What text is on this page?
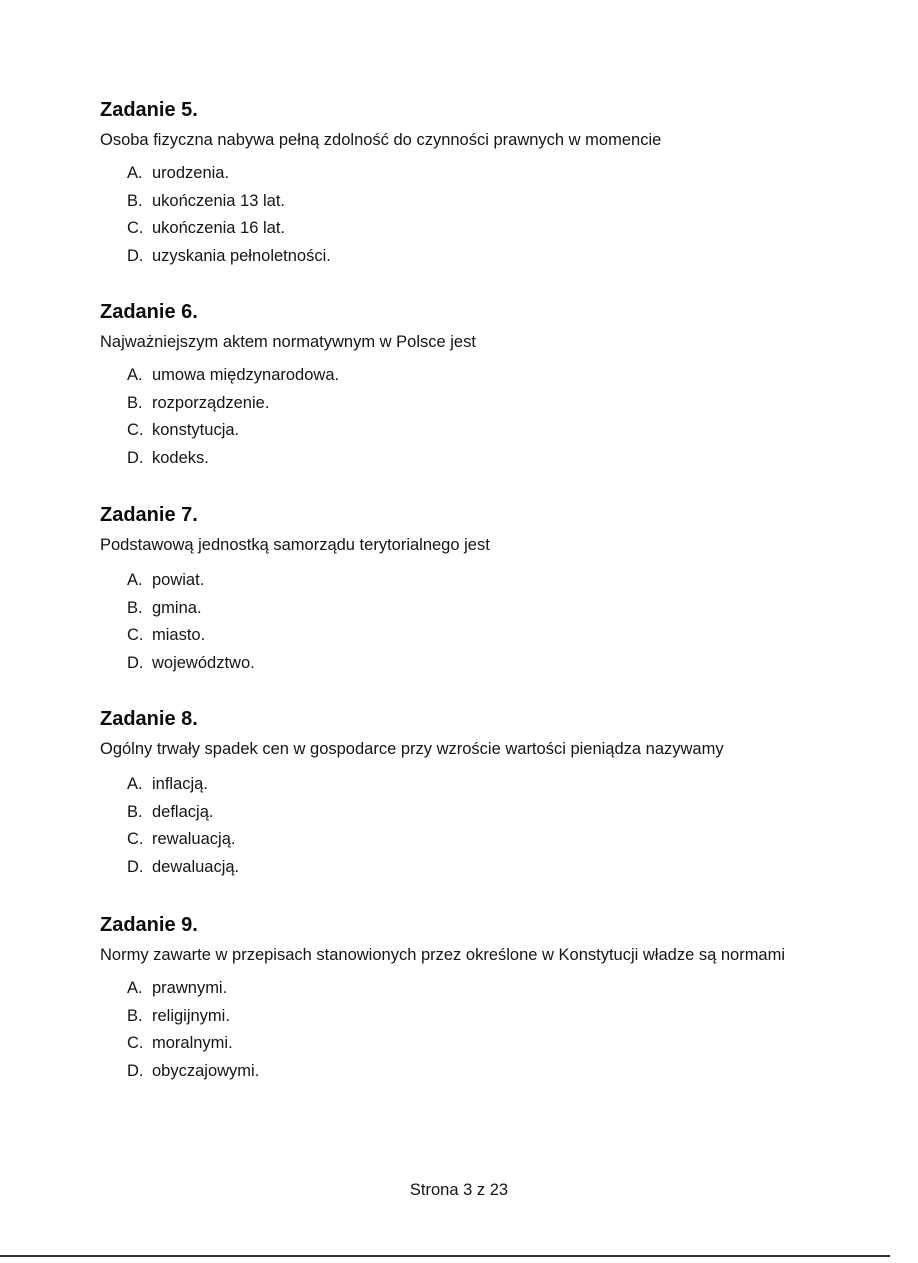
Zadanie 5.

Osoba fizyczna nabywa pełną zdolność do czynności prawnych w momencie

A. urodzenia.
B. ukończenia 13 lat.
C. ukończenia 16 lat.
D. uzyskania pełnoletności.
Zadanie 6.

Najważniejszym aktem normatywnym w Polsce jest

A. umowa międzynarodowa.
B. rozporządzenie.
C. konstytucja.
D. kodeks.
Zadanie 7.

Podstawową jednostką samorządu terytorialnego jest

A. powiat.
B. gmina.
C. miasto.
D. województwo.
Zadanie 8.

Ogólny trwały spadek cen w gospodarce przy wzroście wartości pieniądza nazywamy

A. inflacją.
B. deflacją.
C. rewaluacją.
D. dewaluacją.
Zadanie 9.

Normy zawarte w przepisach stanowionych przez określone w Konstytucji władze są normami

A. prawnymi.
B. religijnymi.
C. moralnymi.
D. obyczajowymi.
Strona 3 z 23
